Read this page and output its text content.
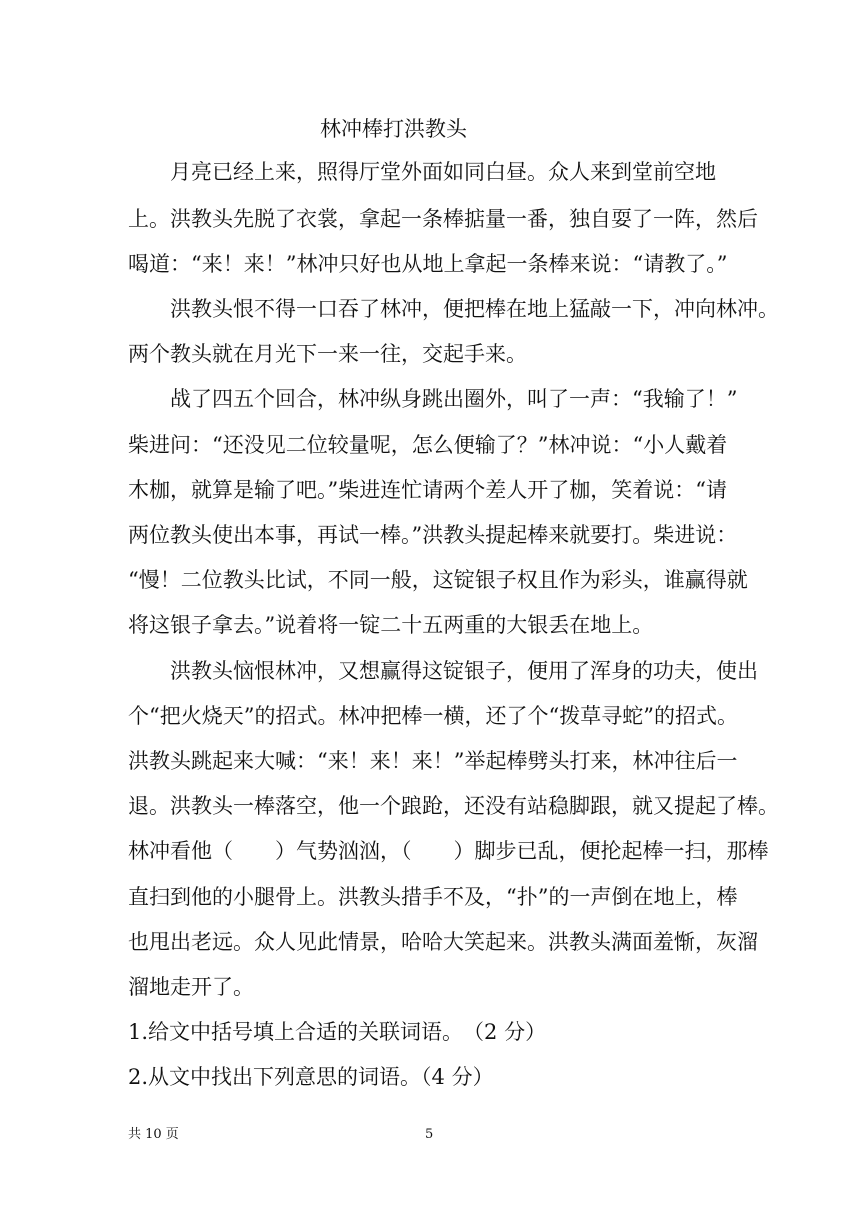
林冲棒打洪教头
月亮已经上来，照得厅堂外面如同白昼。众人来到堂前空地
上。洪教头先脱了衣裳，拿起一条棒掂量一番，独自耍了一阵，然后
喝道：“来！来！”林冲只好也从地上拿起一条棒来说：“请教了。”
洪教头恨不得一口吞了林冲，便把棒在地上猛敲一下，冲向林冲。
两个教头就在月光下一来一往，交起手来。
战了四五个回合，林冲纵身跳出圈外，叫了一声：“我输了！”
柴进问：“还没见二位较量呢，怎么便输了？”林冲说：“小人戴着
木枷，就算是输了吧。”柴进连忙请两个差人开了枷，笑着说：“请
两位教头使出本事，再试一棒。”洪教头提起棒来就要打。柴进说：
“慢！二位教头比试，不同一般，这锭银子权且作为彩头，谁赢得就
将这银子拿去。”说着将一锭二十五两重的大银丢在地上。
洪教头恼恨林冲，又想赢得这锭银子，便用了浑身的功夫，使出
个“把火烧天”的招式。林冲把棒一横，还了个“拨草寻蛇”的招式。
洪教头跳起来大喊：“来！来！来！”举起棒劈头打来，林冲往后一
退。洪教头一棒落空，他一个踉跄，还没有站稳脚跟，就又提起了棒。
林冲看他（　　）气势汹汹，（　　）脚步已乱，便抡起棒一扫，那棒
直扫到他的小腿骨上。洪教头措手不及，“扑”的一声倒在地上，棒
也甩出老远。众人见此情景，哈哈大笑起来。洪教头满面羞惭，灰溜
溜地走开了。
1.给文中括号填上合适的关联词语。　（2 分）
2.从文中找出下列意思的词语。（4 分）
共 10 页	5
